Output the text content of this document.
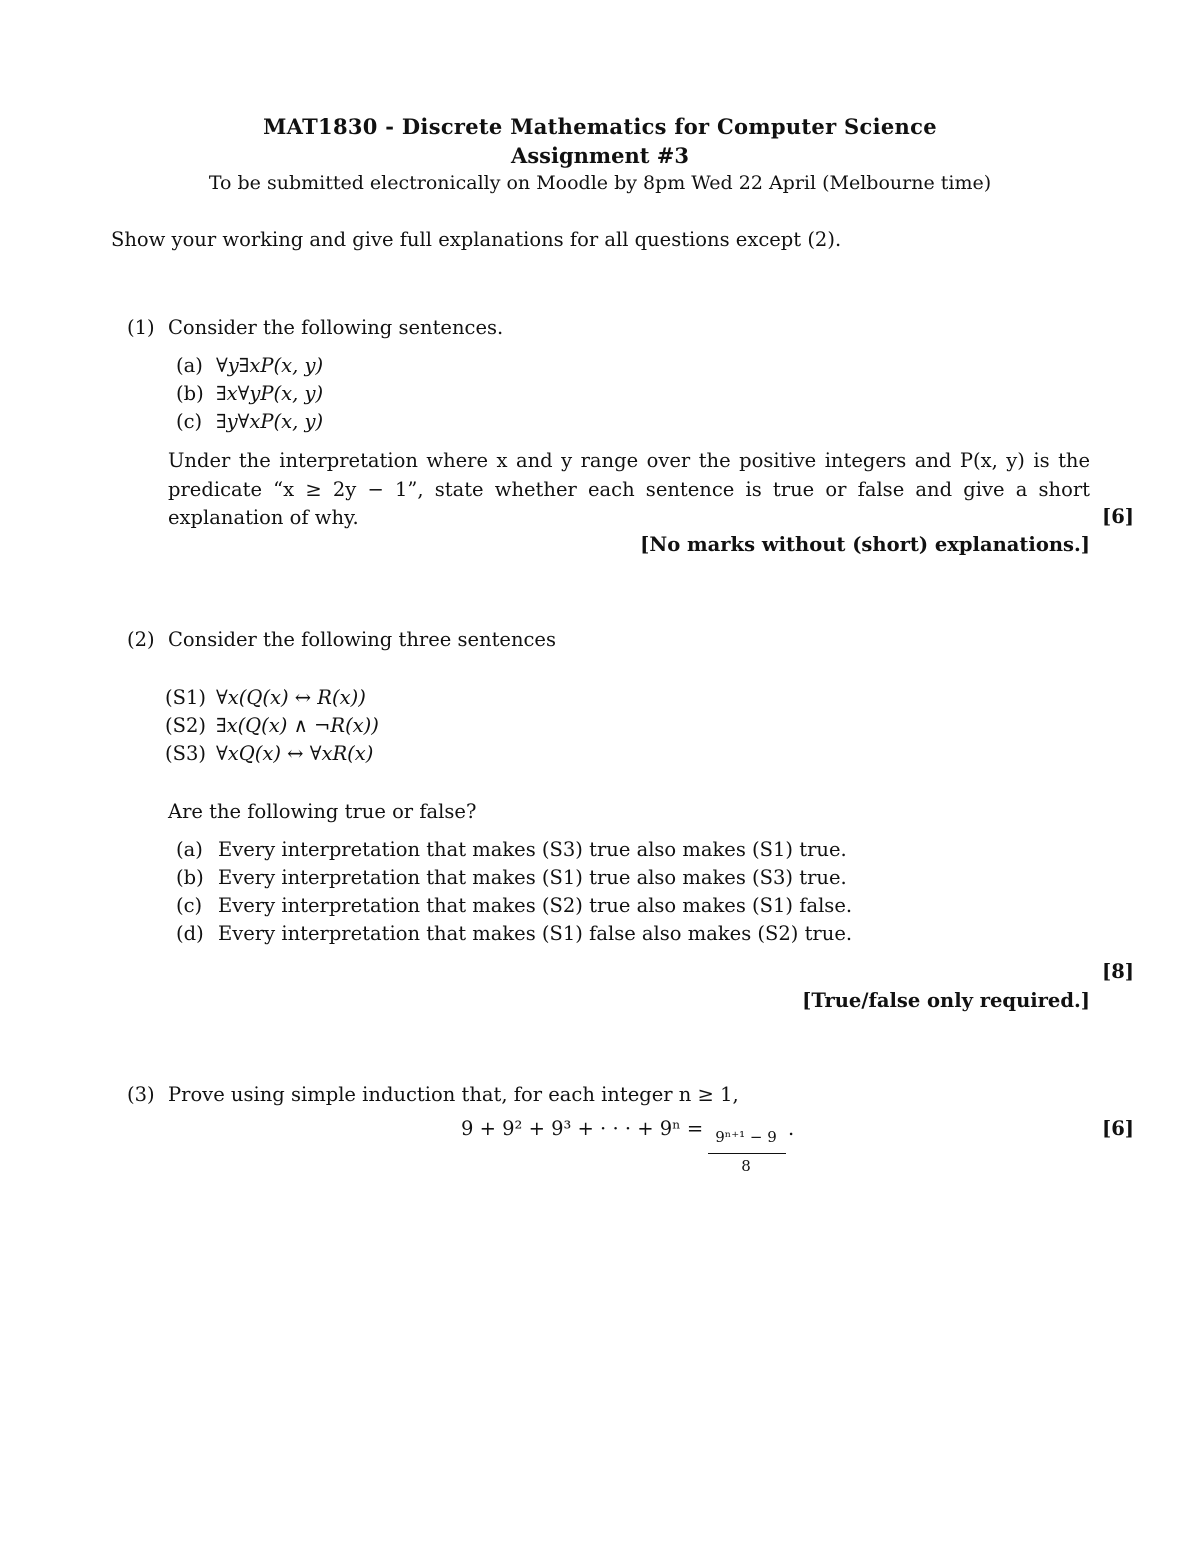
MAT1830 - Discrete Mathematics for Computer Science
Assignment #3
To be submitted electronically on Moodle by 8pm Wed 22 April (Melbourne time)
Show your working and give full explanations for all questions except (2).
(1) Consider the following sentences.
(a) ∀y∃xP(x, y)
(b) ∃x∀yP(x, y)
(c) ∃y∀xP(x, y)
Under the interpretation where x and y range over the positive integers and P(x, y) is the predicate “x ≥ 2y − 1”, state whether each sentence is true or false and give a short explanation of why.	[6]
[No marks without (short) explanations.]
(2) Consider the following three sentences
(S1) ∀x(Q(x) ↔ R(x))
(S2) ∃x(Q(x) ∧ ¬R(x))
(S3) ∀xQ(x) ↔ ∀xR(x)
Are the following true or false?
(a) Every interpretation that makes (S3) true also makes (S1) true.
(b) Every interpretation that makes (S1) true also makes (S3) true.
(c) Every interpretation that makes (S2) true also makes (S1) false.
(d) Every interpretation that makes (S1) false also makes (S2) true.
[8]
[True/false only required.]
(3) Prove using simple induction that, for each integer n ≥ 1,
9 + 9² + 9³ + · · · + 9ⁿ = 9ⁿ⁺¹ − 9
8
.	[6]
